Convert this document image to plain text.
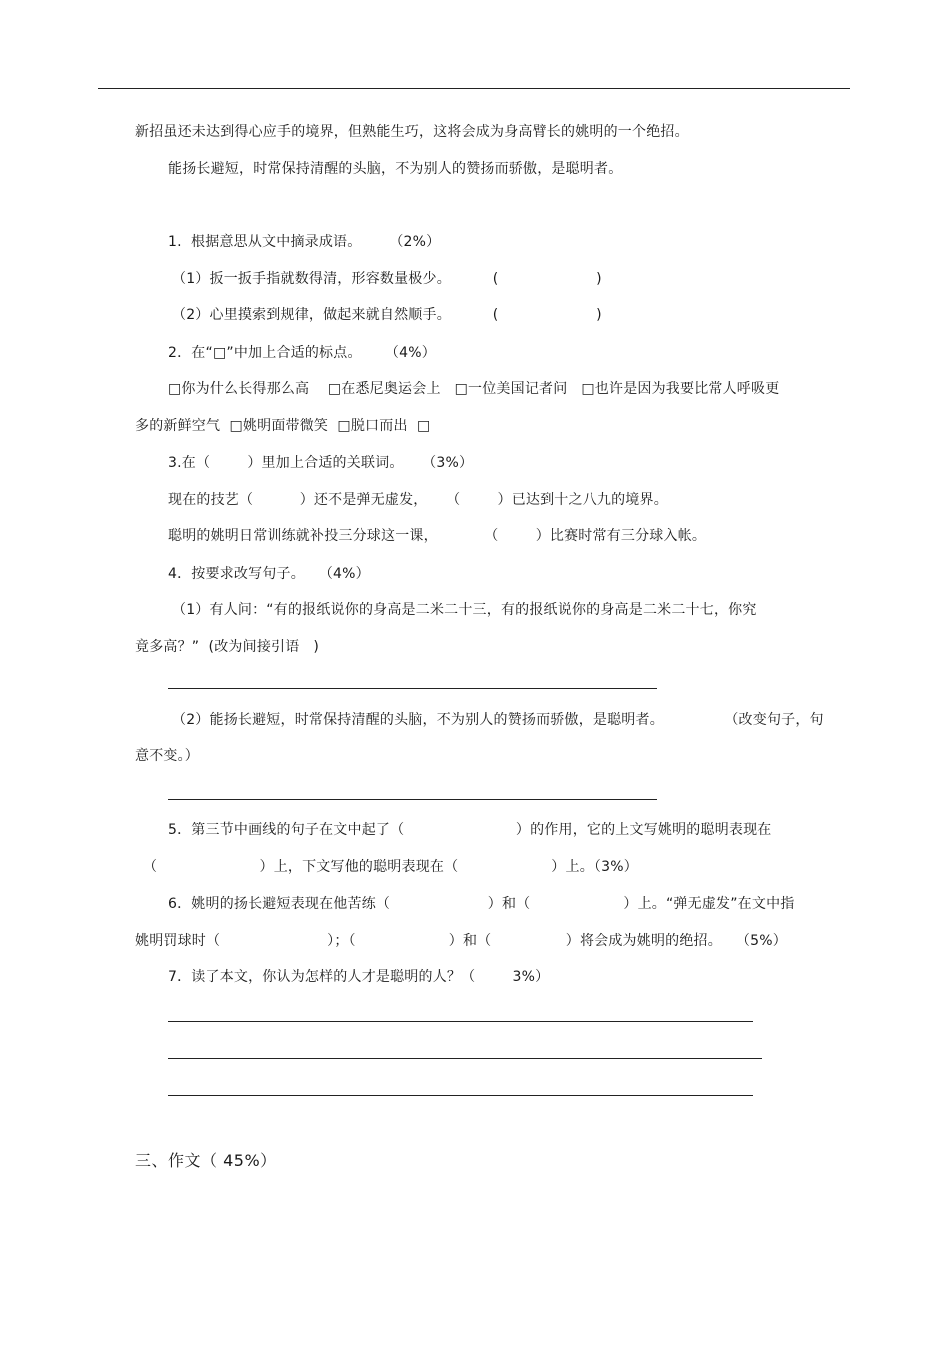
新招虽还未达到得心应手的境界，但熟能生巧，这将会成为身高臂长的姚明的一个绝招。
能扬长避短，时常保持清醒的头脑，不为别人的赞扬而骄傲，是聪明者。
1.  根据意思从文中摘录成语。      （2%）
（1）扳一扳手指就数得清，形容数量极少。         (                     )
（2）心里摸索到规律，做起来就自然顺手。         (                     )
2．在“□”中加上合适的标点。     （4%）
□你为什么长得那么高    □在悉尼奥运会上   □一位美国记者问   □也许是因为我要比常人呼吸更
多的新鲜空气  □姚明面带微笑  □脱口而出  □
3.在（        ）里加上合适的关联词。    （3%）
现在的技艺（          ）还不是弹无虚发，    （        ）已达到十之八九的境界。
聪明的姚明日常训练就补投三分球这一课，          （        ）比赛时常有三分球入帐。
4．按要求改写句子。   （4%）
（1）有人问：“有的报纸说你的身高是二米二十三，有的报纸说你的身高是二米二十七，你究
竟多高？”  (改为间接引语   )
（2）能扬长避短，时常保持清醒的头脑，不为别人的赞扬而骄傲，是聪明者。             （改变句子，句
意不变。）
5．第三节中画线的句子在文中起了（                        ）的作用，它的上文写姚明的聪明表现在
（                      ）上，下文写他的聪明表现在（                    ）上。（3%）
6．姚明的扬长避短表现在他苦练（                     ）和（                    ）上。“弹无虚发”在文中指
姚明罚球时（                       ）；（                    ）和（                ）将会成为姚明的绝招。   （5%）
7．读了本文，你认为怎样的人才是聪明的人？（        3%）
三、作文（ 45%）
